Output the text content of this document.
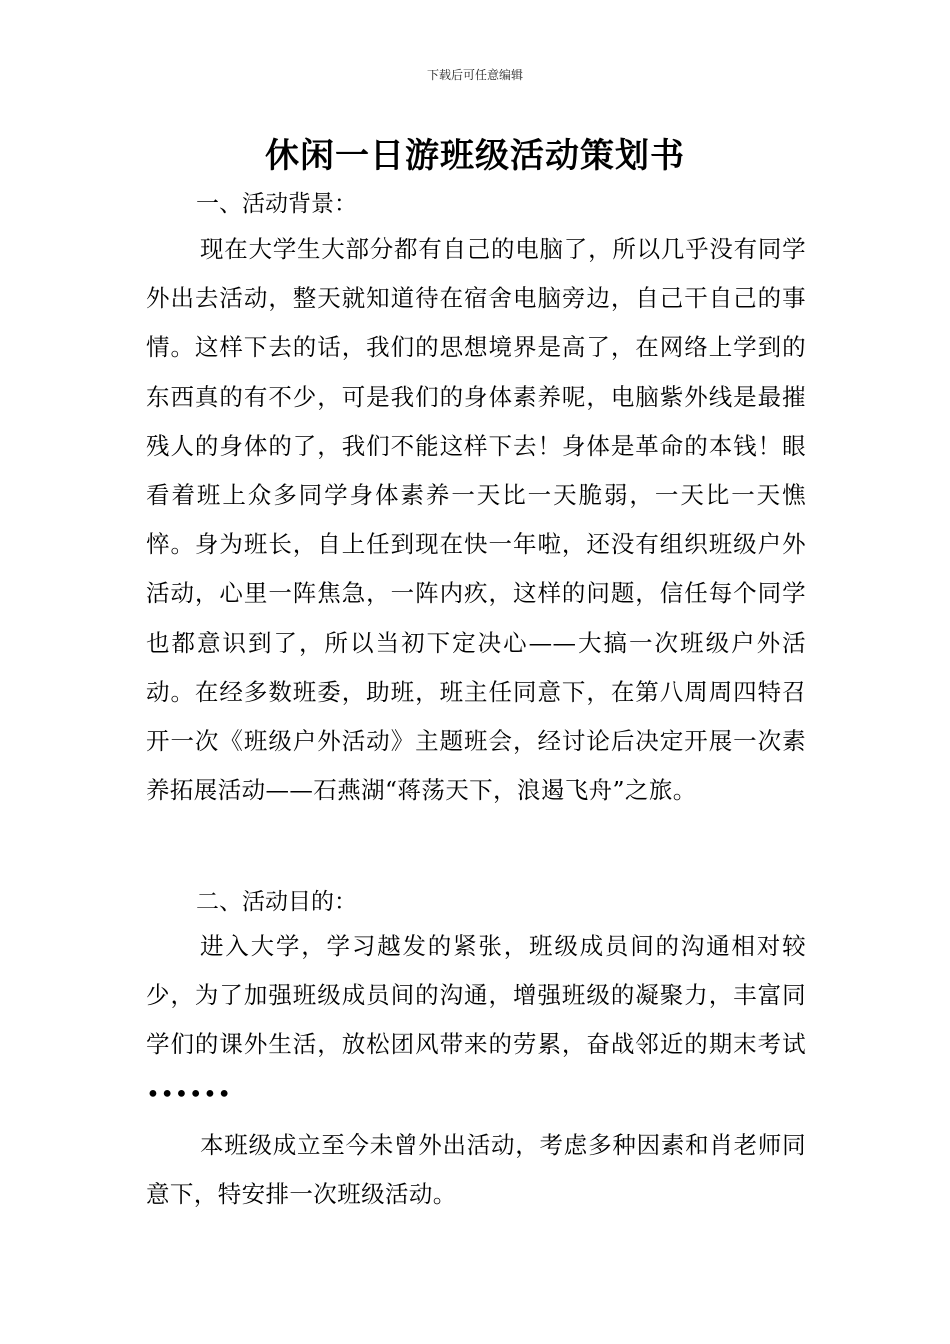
下载后可任意编辑
休闲一日游班级活动策划书
一、活动背景：

现在大学生大部分都有自己的电脑了，所以几乎没有同学外出去活动，整天就知道待在宿舍电脑旁边，自己干自己的事情。这样下去的话，我们的思想境界是高了，在网络上学到的东西真的有不少，可是我们的身体素养呢，电脑紫外线是最摧残人的身体的了，我们不能这样下去！身体是革命的本钱！眼看着班上众多同学身体素养一天比一天脆弱，一天比一天憔悴。身为班长，自上任到现在快一年啦，还没有组织班级户外活动，心里一阵焦急，一阵内疚，这样的问题，信任每个同学也都意识到了，所以当初下定决心——大搞一次班级户外活动。在经多数班委，助班，班主任同意下，在第八周周四特召开一次《班级户外活动》主题班会，经讨论后决定开展一次素养拓展活动——石燕湖“蒋荡天下，浪遏飞舟”之旅。

二、活动目的：

进入大学，学习越发的紧张，班级成员间的沟通相对较少，为了加强班级成员间的沟通，增强班级的凝聚力，丰富同学们的课外生活，放松团风带来的劳累，奋战邻近的期末考试••••••

本班级成立至今未曾外出活动，考虑多种因素和肖老师同意下，特安排一次班级活动。
